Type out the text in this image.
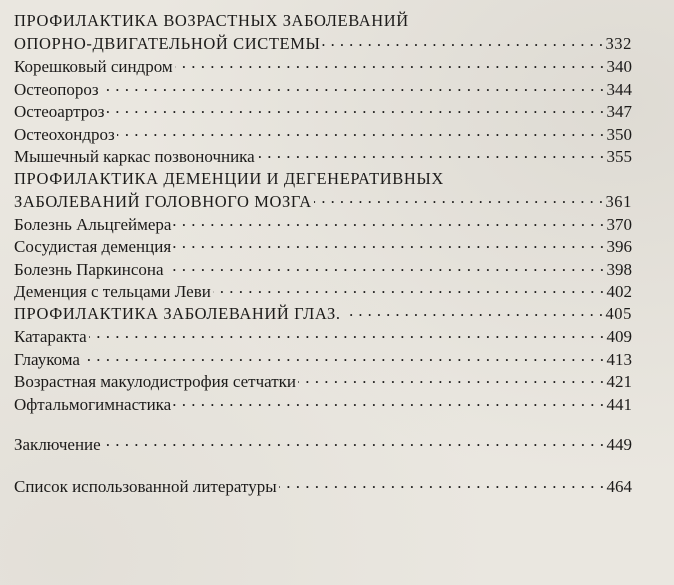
ПРОФИЛАКТИКА ВОЗРАСТНЫХ ЗАБОЛЕВАНИЙ
ОПОРНО-ДВИГАТЕЛЬНОЙ СИСТЕМЫ . . .	332
Корешковый синдром . . .	340
Остеопороз . . .	344
Остеоартроз . . .	347
Остеохондроз . . .	350
Мышечный каркас позвоночника . . .	355
ПРОФИЛАКТИКА ДЕМЕНЦИИ И ДЕГЕНЕРАТИВНЫХ
ЗАБОЛЕВАНИЙ ГОЛОВНОГО МОЗГА . . .	361
Болезнь Альцгеймера . . .	370
Сосудистая деменция . . .	396
Болезнь Паркинсона . . .	398
Деменция с тельцами Леви . . .	402
ПРОФИЛАКТИКА ЗАБОЛЕВАНИЙ ГЛАЗ. . . .	405
Катаракта . . .	409
Глаукома . . .	413
Возрастная макулодистрофия сетчатки . . .	421
Офтальмогимнастика . . .	441
Заключение . . .	449
Список использованной литературы . . .	464
